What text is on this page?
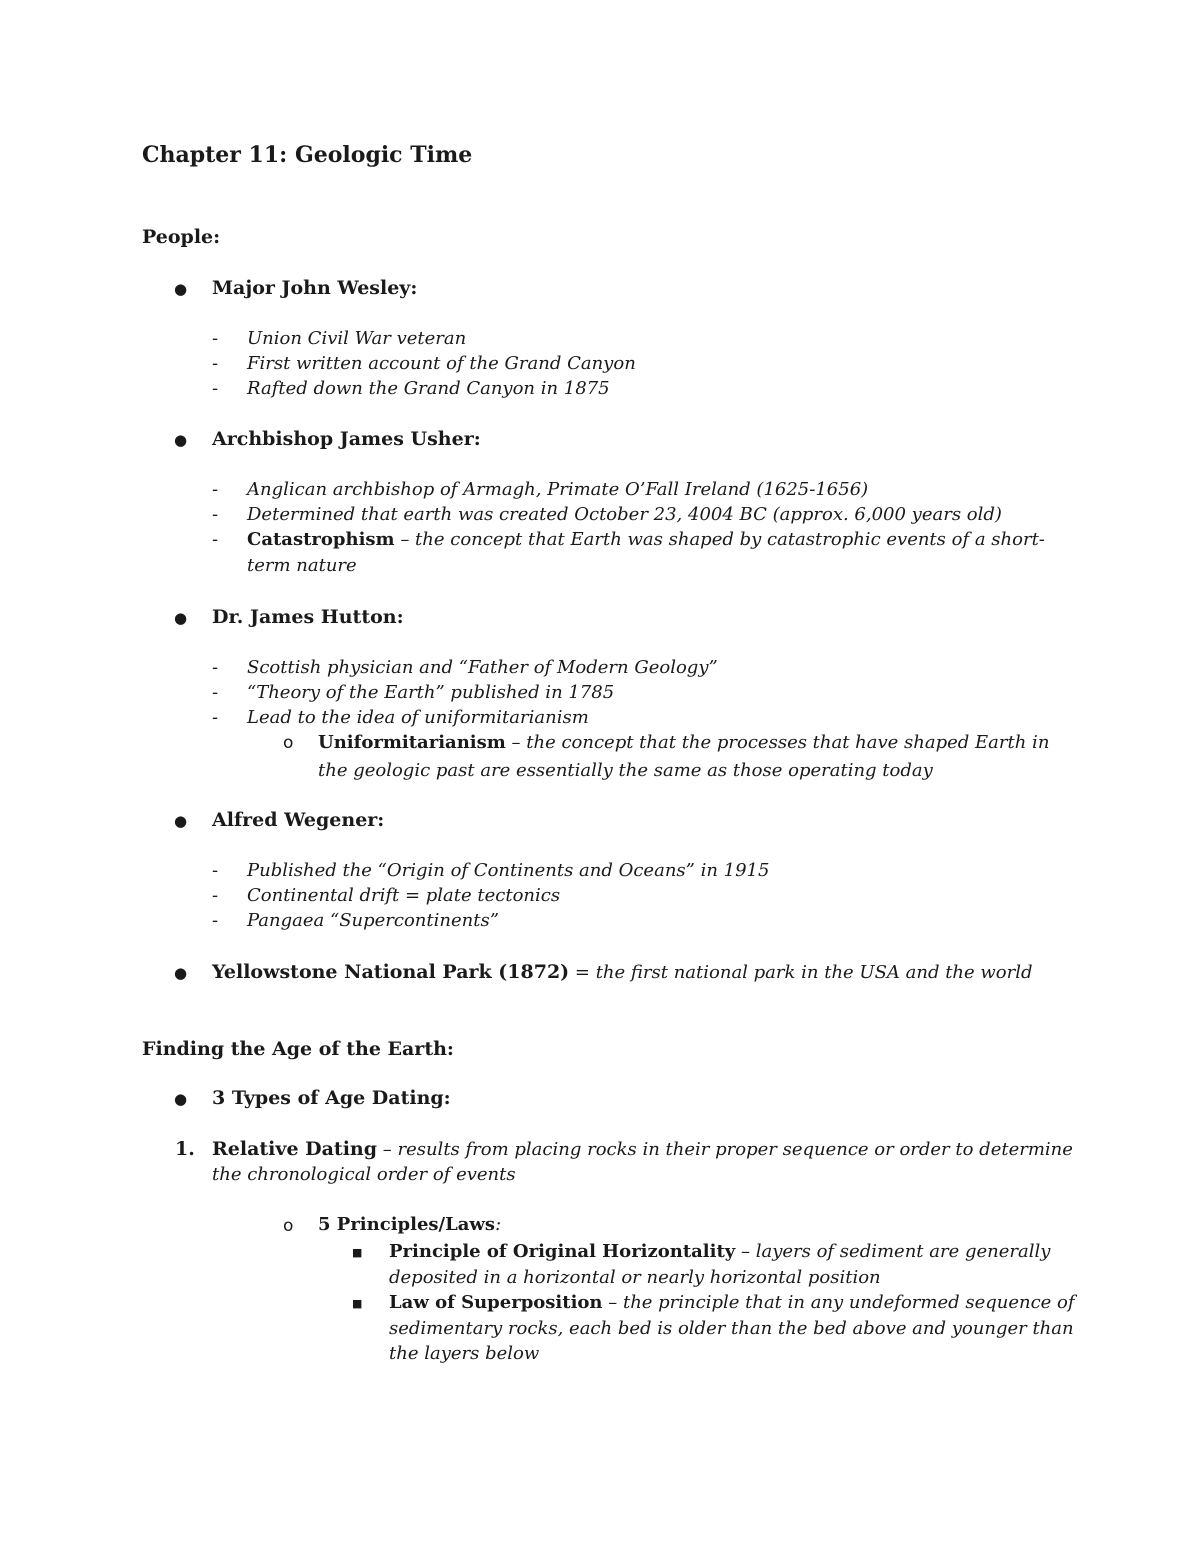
Chapter 11: Geologic Time
People:
● Major John Wesley:
- Union Civil War veteran
- First written account of the Grand Canyon
- Rafted down the Grand Canyon in 1875
● Archbishop James Usher:
- Anglican archbishop of Armagh, Primate O’Fall Ireland (1625-1656)
- Determined that earth was created October 23, 4004 BC (approx. 6,000 years old)
- Catastrophism – the concept that Earth was shaped by catastrophic events of a short-
term nature
● Dr. James Hutton:
- Scottish physician and “Father of Modern Geology”
- “Theory of the Earth” published in 1785
- Lead to the idea of uniformitarianism
o Uniformitarianism – the concept that the processes that have shaped Earth in
the geologic past are essentially the same as those operating today
● Alfred Wegener:
- Published the “Origin of Continents and Oceans” in 1915
- Continental drift = plate tectonics
- Pangaea “Supercontinents”
● Yellowstone National Park (1872) = the first national park in the USA and the world
Finding the Age of the Earth:
● 3 Types of Age Dating:
1. Relative Dating – results from placing rocks in their proper sequence or order to determine
the chronological order of events
o 5 Principles/Laws:
■ Principle of Original Horizontality – layers of sediment are generally
deposited in a horizontal or nearly horizontal position
■ Law of Superposition – the principle that in any undeformed sequence of
sedimentary rocks, each bed is older than the bed above and younger than
the layers below
